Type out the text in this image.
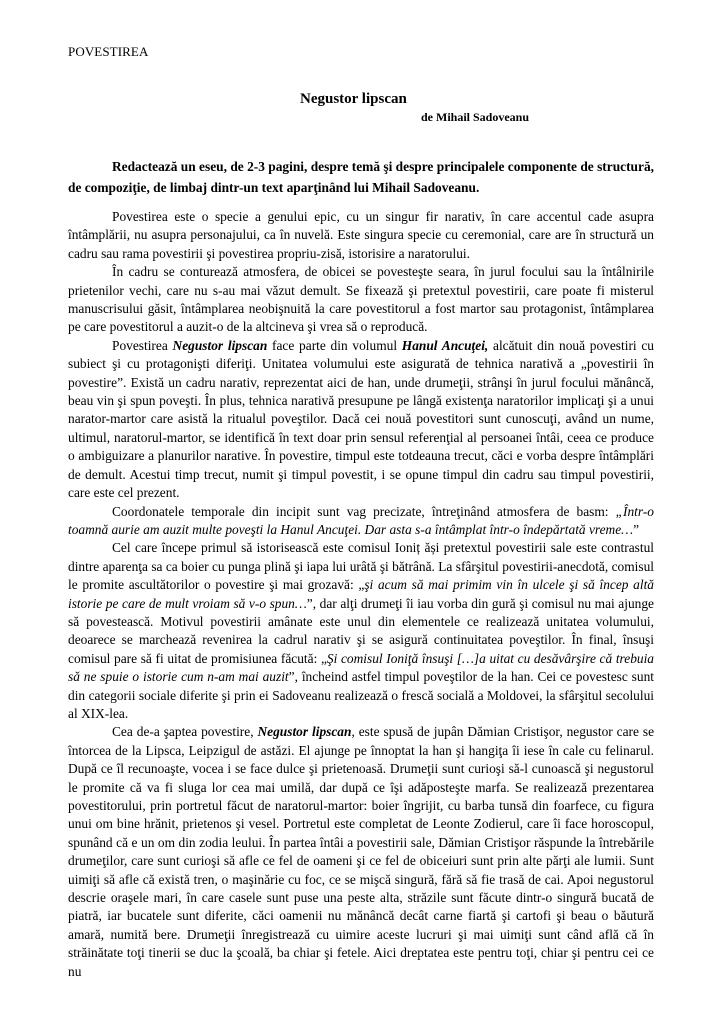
POVESTIREA
Negustor lipscan
de Mihail Sadoveanu
Redactează un eseu, de 2-3 pagini, despre temă şi despre principalele componente de structură, de compoziţie, de limbaj dintr-un text aparţinând lui Mihail Sadoveanu.

Povestirea este o specie a genului epic, cu un singur fir narativ, în care accentul cade asupra întâmplării, nu asupra personajului, ca în nuvelă. Este singura specie cu ceremonial, care are în structură un cadru sau rama povestirii şi povestirea propriu-zisă, istorisire a naratorului.

În cadru se conturează atmosfera, de obicei se povesteşte seara, în jurul focului sau la întâlnirile prietenilor vechi, care nu s-au mai văzut demult. Se fixează şi pretextul povestirii, care poate fi misterul manuscrisului găsit, întâmplarea neobişnuită la care povestitorul a fost martor sau protagonist, întâmplarea pe care povestitorul a auzit-o de la altcineva şi vrea să o reproducă.

Povestirea Negustor lipscan face parte din volumul Hanul Ancuţei, alcătuit din nouă povestiri cu subiect şi cu protagonişti diferiţi. Unitatea volumului este asigurată de tehnica narativă a „povestirii în povestire”. Există un cadru narativ, reprezentat aici de han, unde drumeţii, strânşi în jurul focului mănâncă, beau vin şi spun poveşti. În plus, tehnica narativă presupune pe lângă existenţa naratorilor implicaţi şi a unui narator-martor care asistă la ritualul poveştilor. Dacă cei nouă povestitori sunt cunoscuţi, având un nume, ultimul, naratorul-martor, se identifică în text doar prin sensul referenţial al persoanei întâi, ceea ce produce o ambiguizare a planurilor narative. În povestire, timpul este totdeauna trecut, căci e vorba despre întâmplări de demult. Acestui timp trecut, numit şi timpul povestit, i se opune timpul din cadru sau timpul povestirii, care este cel prezent.

Coordonatele temporale din incipit sunt vag precizate, întreţinând atmosfera de basm: „Într-o toamnă aurie am auzit multe poveşti la Hanul Ancuţei. Dar asta s-a întâmplat într-o îndepărtată vreme…”

Cel care începe primul să istorisească este comisul Ioniț ăși pretextul povestirii sale este contrastul dintre aparenţa sa ca boier cu punga plină şi iapa lui urâtă şi bătrână. La sfârşitul povestirii-anecdotă, comisul le promite ascultătorilor o povestire şi mai grozavă: „şi acum să mai primim vin în ulcele şi să încep altă istorie pe care de mult vroiam să v-o spun…”, dar alţi drumeţi îi iau vorba din gură şi comisul nu mai ajunge să povestească. Motivul povestirii amânate este unul din elementele ce realizează unitatea volumului, deoarece se marchează revenirea la cadrul narativ şi se asigură continuitatea poveştilor. În final, însuşi comisul pare să fi uitat de promisiunea făcută: „Şi comisul Ioniţă însuşi […]a uitat cu desăvârşire că trebuia să ne spuie o istorie cum n-am mai auzit”, încheind astfel timpul poveştilor de la han. Cei ce povestesc sunt din categorii sociale diferite şi prin ei Sadoveanu realizează o frescă socială a Moldovei, la sfârşitul secolului al XIX-lea.

Cea de-a şaptea povestire, Negustor lipscan, este spusă de jupân Dămian Cristişor, negustor care se întorcea de la Lipsca, Leipzigul de astăzi. El ajunge pe înnoptat la han şi hangiţa îi iese în cale cu felinarul. După ce îl recunoaşte, vocea i se face dulce şi prietenoasă. Drumeţii sunt curioşi să-l cunoască şi negustorul le promite că va fi sluga lor cea mai umilă, dar după ce îşi adăposteşte marfa. Se realizează prezentarea povestitorului, prin portretul făcut de naratorul-martor: boier îngrijit, cu barba tunsă din foarfece, cu figura unui om bine hrănit, prietenos şi vesel. Portretul este completat de Leonte Zodierul, care îi face horoscopul, spunând că e un om din zodia leului. În partea întâi a povestirii sale, Dămian Cristişor răspunde la întrebările drumeţilor, care sunt curioşi să afle ce fel de oameni şi ce fel de obiceiuri sunt prin alte părţi ale lumii. Sunt uimiţi să afle că există tren, o maşinărie cu foc, ce se mişcă singură, fără să fie trasă de cai. Apoi negustorul descrie oraşele mari, în care casele sunt puse una peste alta, străzile sunt făcute dintr-o singură bucată de piatră, iar bucatele sunt diferite, căci oamenii nu mănâncă decât carne fiartă şi cartofi şi beau o băutură amară, numită bere. Drumeţii înregistrează cu uimire aceste lucruri şi mai uimiţi sunt când află că în străinătate toţi tinerii se duc la şcoală, ba chiar şi fetele. Aici dreptatea este pentru toţi, chiar şi pentru cei ce nu
